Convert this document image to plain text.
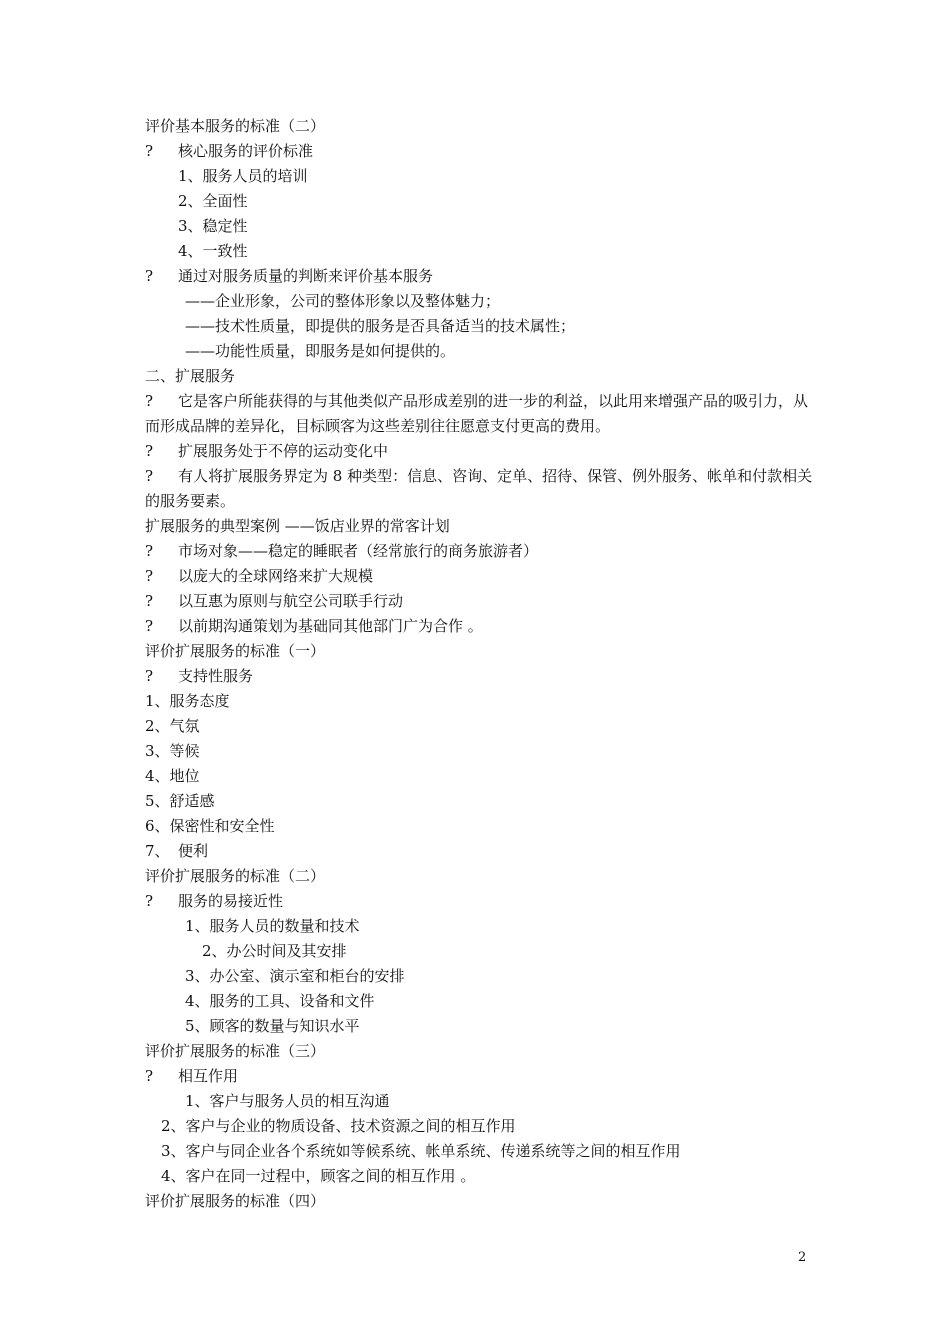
评价基本服务的标准（二）
? 核心服务的评价标准
1、服务人员的培训
2、全面性
3、稳定性
4、一致性
? 通过对服务质量的判断来评价基本服务
——企业形象，公司的整体形象以及整体魅力；
——技术性质量，即提供的服务是否具备适当的技术属性；
——功能性质量，即服务是如何提供的。
二、扩展服务
? 它是客户所能获得的与其他类似产品形成差别的进一步的利益，以此用来增强产品的吸引力，从而形成品牌的差异化，目标顾客为这些差别往往愿意支付更高的费用。
? 扩展服务处于不停的运动变化中
? 有人将扩展服务界定为 8 种类型：信息、咨询、定单、招待、保管、例外服务、帐单和付款相关的服务要素。
扩展服务的典型案例 ——饭店业界的常客计划
? 市场对象——稳定的睡眠者（经常旅行的商务旅游者）
? 以庞大的全球网络来扩大规模
? 以互惠为原则与航空公司联手行动
? 以前期沟通策划为基础同其他部门广为合作 。
评价扩展服务的标准（一）
? 支持性服务
1、服务态度
2、气氛
3、等候
4、地位
5、舒适感
6、保密性和安全性
7、 便利
评价扩展服务的标准（二）
? 服务的易接近性
1、服务人员的数量和技术
2、办公时间及其安排
3、办公室、演示室和柜台的安排
4、服务的工具、设备和文件
5、顾客的数量与知识水平
评价扩展服务的标准（三）
? 相互作用
1、客户与服务人员的相互沟通
2、客户与企业的物质设备、技术资源之间的相互作用
3、客户与同企业各个系统如等候系统、帐单系统、传递系统等之间的相互作用
4、客户在同一过程中，顾客之间的相互作用 。
评价扩展服务的标准（四）
2
